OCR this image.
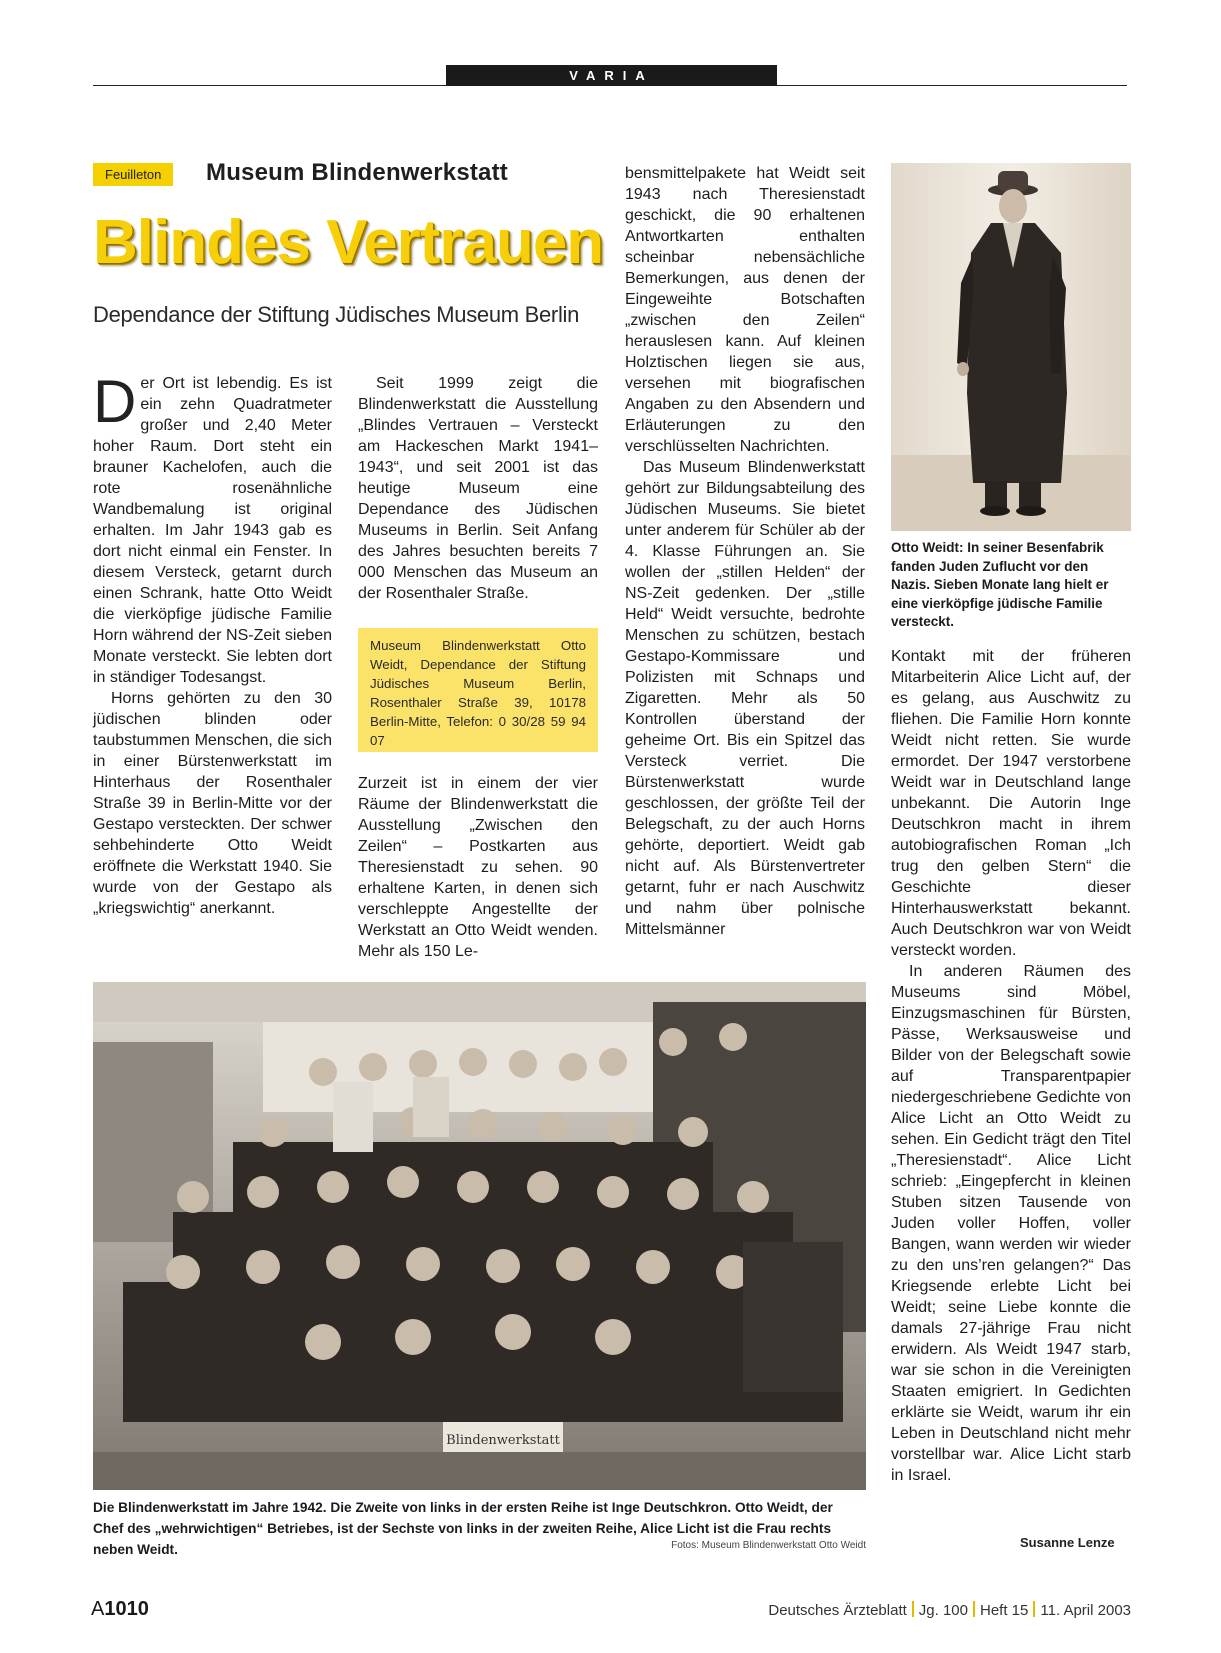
VARIA
Feuilleton	Museum Blindenwerkstatt
Blindes Vertrauen
Dependance der Stiftung Jüdisches Museum Berlin

Der Ort ist lebendig. Es ist ein zehn Quadratmeter großer und 2,40 Meter hoher Raum. Dort steht ein brauner Kachelofen, auch die rote rosenähnliche Wandbemalung ist original erhalten. Im Jahr 1943 gab es dort nicht einmal ein Fenster. In diesem Versteck, getarnt durch einen Schrank, hatte Otto Weidt die vierköpfige jüdische Familie Horn während der NS-Zeit sieben Monate versteckt. Sie lebten dort in ständiger Todesangst.

Horns gehörten zu den 30 jüdischen blinden oder taubstummen Menschen, die sich in einer Bürstenwerkstatt im Hinterhaus der Rosenthaler Straße 39 in Berlin-Mitte vor der Gestapo versteckten. Der schwer sehbehinderte Otto Weidt eröffnete die Werkstatt 1940. Sie wurde von der Gestapo als „kriegswichtig“ anerkannt.

Seit 1999 zeigt die Blindenwerkstatt die Ausstellung „Blindes Vertrauen – Versteckt am Hackeschen Markt 1941–1943“, und seit 2001 ist das heutige Museum eine Dependance des Jüdischen Museums in Berlin. Seit Anfang des Jahres besuchten bereits 7 000 Menschen das Museum an der Rosenthaler Straße.

Museum Blindenwerkstatt Otto Weidt, Dependance der Stiftung Jüdisches Museum Berlin, Rosenthaler Straße 39, 10178 Berlin-Mitte, Telefon: 0 30/28 59 94 07

Zurzeit ist in einem der vier Räume der Blindenwerkstatt die Ausstellung „Zwischen den Zeilen“ – Postkarten aus Theresienstadt zu sehen. 90 erhaltene Karten, in denen sich verschleppte Angestellte der Werkstatt an Otto Weidt wenden. Mehr als 150 Le-

bensmittelpakete hat Weidt seit 1943 nach Theresienstadt geschickt, die 90 erhaltenen Antwortkarten enthalten scheinbar nebensächliche Bemerkungen, aus denen der Eingeweihte Botschaften „zwischen den Zeilen“ herauslesen kann. Auf kleinen Holztischen liegen sie aus, versehen mit biografischen Angaben zu den Absendern und Erläuterungen zu den verschlüsselten Nachrichten.

Das Museum Blindenwerkstatt gehört zur Bildungsabteilung des Jüdischen Museums. Sie bietet unter anderem für Schüler ab der 4. Klasse Führungen an. Sie wollen der „stillen Helden“ der NS-Zeit gedenken. Der „stille Held“ Weidt versuchte, bedrohte Menschen zu schützen, bestach Gestapo-Kommissare und Polizisten mit Schnaps und Zigaretten. Mehr als 50 Kontrollen überstand der geheime Ort. Bis ein Spitzel das Versteck verriet. Die Bürstenwerkstatt wurde geschlossen, der größte Teil der Belegschaft, zu der auch Horns gehörte, deportiert. Weidt gab nicht auf. Als Bürstenvertreter getarnt, fuhr er nach Auschwitz und nahm über polnische Mittelsmänner

Otto Weidt: In seiner Besenfabrik fanden Juden Zuflucht vor den Nazis. Sieben Monate lang hielt er eine vierköpfige jüdische Familie versteckt.

Kontakt mit der früheren Mitarbeiterin Alice Licht auf, der es gelang, aus Auschwitz zu fliehen. Die Familie Horn konnte Weidt nicht retten. Sie wurde ermordet. Der 1947 verstorbene Weidt war in Deutschland lange unbekannt. Die Autorin Inge Deutschkron macht in ihrem autobiografischen Roman „Ich trug den gelben Stern“ die Geschichte dieser Hinterhauswerkstatt bekannt. Auch Deutschkron war von Weidt versteckt worden.

In anderen Räumen des Museums sind Möbel, Einzugsmaschinen für Bürsten, Pässe, Werksausweise und Bilder von der Belegschaft sowie auf Transparentpapier niedergeschriebene Gedichte von Alice Licht an Otto Weidt zu sehen. Ein Gedicht trägt den Titel „Theresienstadt“. Alice Licht schrieb: „Eingepfercht in kleinen Stuben sitzen Tausende von Juden voller Hoffen, voller Bangen, wann werden wir wieder zu den uns’ren gelangen?“ Das Kriegsende erlebte Licht bei Weidt; seine Liebe konnte die damals 27-jährige Frau nicht erwidern. Als Weidt 1947 starb, war sie schon in die Vereinigten Staaten emigriert. In Gedichten erklärte sie Weidt, warum ihr ein Leben in Deutschland nicht mehr vorstellbar war. Alice Licht starb in Israel.

Susanne Lenze
Blindenwerkstatt
Die Blindenwerkstatt im Jahre 1942. Die Zweite von links in der ersten Reihe ist Inge Deutschkron. Otto Weidt, der Chef des „wehrwichtigen“ Betriebes, ist der Sechste von links in der zweiten Reihe, Alice Licht ist die Frau rechts neben Weidt.	Fotos: Museum Blindenwerkstatt Otto Weidt
A1010	Deutsches Ärzteblatt Jg. 100 Heft 15 11. April 2003
